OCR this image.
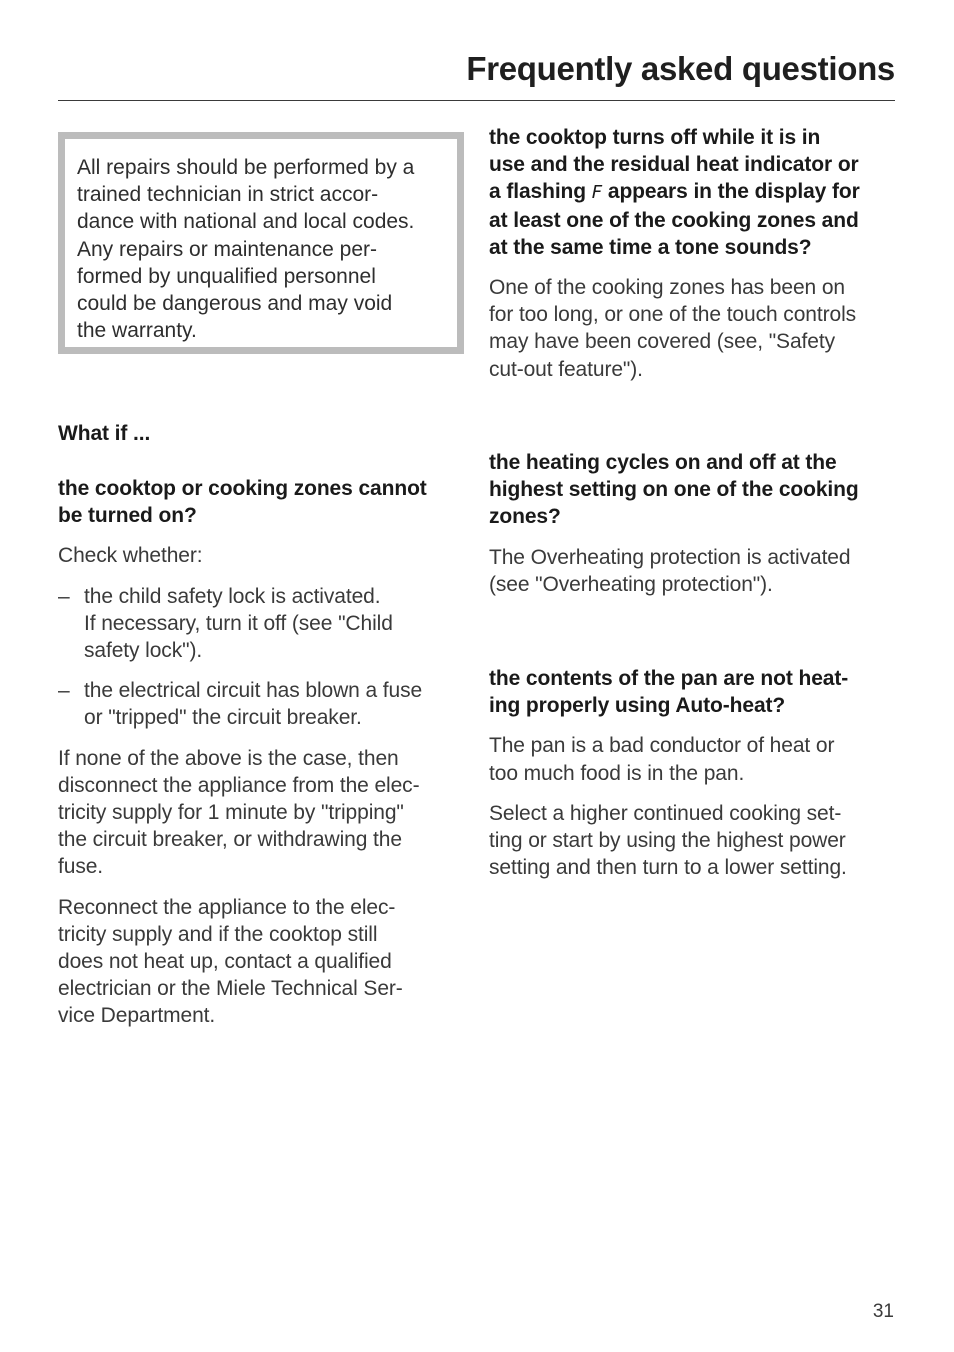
Frequently asked questions

All repairs should be performed by a
trained technician in strict accor-
dance with national and local codes.
Any repairs or maintenance per-
formed by unqualified personnel
could be dangerous and may void
the warranty.

What if ...

the cooktop or cooking zones cannot
be turned on?

Check whether:

– the child safety lock is activated.
If necessary, turn it off (see "Child
safety lock").
– the electrical circuit has blown a fuse
or "tripped" the circuit breaker.

If none of the above is the case, then
disconnect the appliance from the elec-
tricity supply for 1 minute by "tripping"
the circuit breaker, or withdrawing the
fuse.

Reconnect the appliance to the elec-
tricity supply and if the cooktop still
does not heat up, contact a qualified
electrician or the Miele Technical Ser-
vice Department.

the cooktop turns off while it is in
use and the residual heat indicator or
a flashing F appears in the display for
at least one of the cooking zones and
at the same time a tone sounds?

One of the cooking zones has been on
for too long, or one of the touch controls
may have been covered (see, "Safety
cut-out feature").

the heating cycles on and off at the
highest setting on one of the cooking
zones?

The Overheating protection is activated
(see "Overheating protection").

the contents of the pan are not heat-
ing properly using Auto-heat?

The pan is a bad conductor of heat or
too much food is in the pan.

Select a higher continued cooking set-
ting or start by using the highest power
setting and then turn to a lower setting.

31
